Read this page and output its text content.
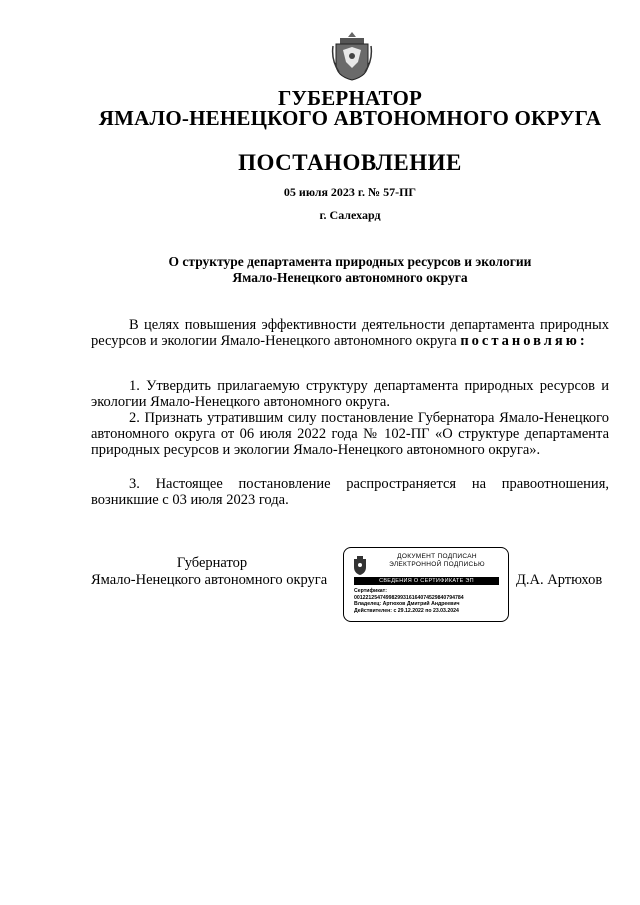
ГУБЕРНАТОР
ЯМАЛО-НЕНЕЦКОГО АВТОНОМНОГО ОКРУГА
ПОСТАНОВЛЕНИЕ
05 июля 2023 г. № 57-ПГ
г. Салехард
О структуре департамента природных ресурсов и экологии
Ямало-Ненецкого автономного округа
В целях повышения эффективности деятельности департамента природных ресурсов и экологии Ямало-Ненецкого автономного округа постановляю:
1. Утвердить прилагаемую структуру департамента природных ресурсов и экологии Ямало-Ненецкого автономного округа.
2. Признать утратившим силу постановление Губернатора Ямало-Ненецкого автономного округа от 06 июля 2022 года № 102-ПГ «О структуре департамента природных ресурсов и экологии Ямало-Ненецкого автономного округа».
3. Настоящее постановление распространяется на правоотношения, возникшие с 03 июля 2023 года.
Губернатор
Ямало-Ненецкого автономного округа
ДОКУМЕНТ ПОДПИСАН
ЭЛЕКТРОННОЙ ПОДПИСЬЮ
СВЕДЕНИЯ О СЕРТИФИКАТЕ ЭП
Сертификат:
00122125474998299316164074529840794784
Владелец: Артюхов Дмитрий Андреевич
Действителен: с 29.12.2022 по 23.03.2024
Д.А. Артюхов
